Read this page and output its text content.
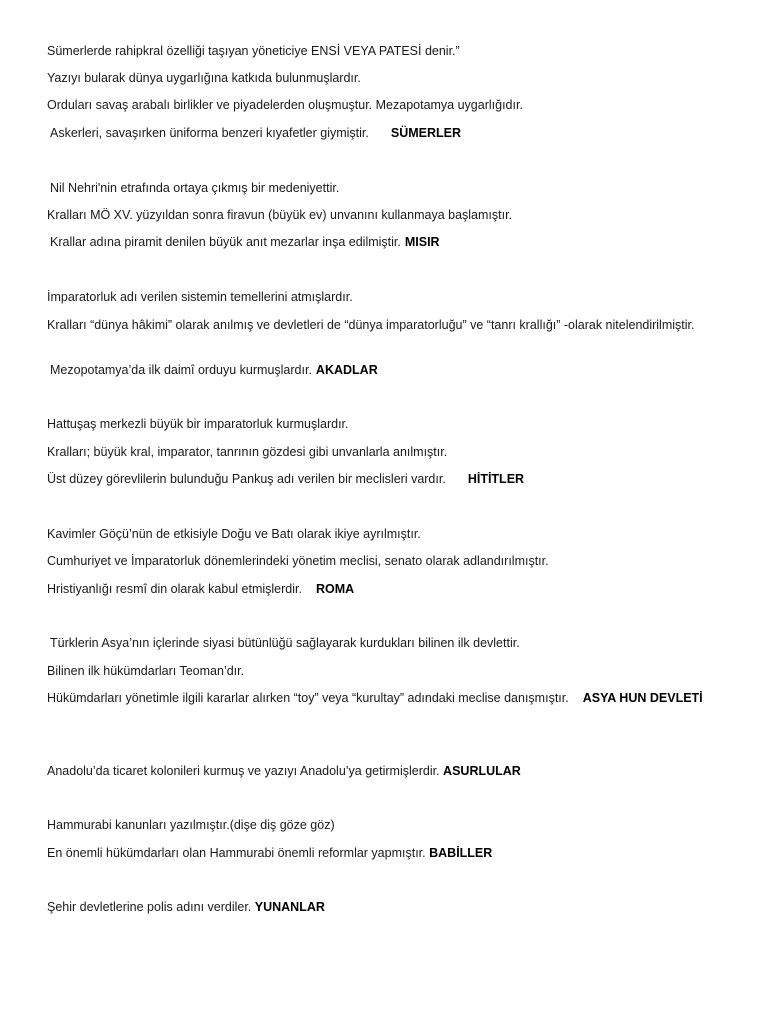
Sümerlerde rahipkral özelliği taşıyan yöneticiye ENSİ VEYA PATESİ denir.”
Yazıyı bularak dünya uygarlığına katkıda bulunmuşlardır.
Orduları savaş arabalı birlikler ve piyadelerden oluşmuştur. Mezapotamya uygarlığıdır.
Askerleri, savaşırken üniforma benzeri kıyafetler giymiştir. SÜMERLER
Nil Nehri'nin etrafında ortaya çıkmış bir medeniyettir.
Kralları MÖ XV. yüzyıldan sonra firavun (büyük ev) unvanını kullanmaya başlamıştır.
Krallar adına piramit denilen büyük anıt mezarlar inşa edilmiştir. MISIR
İmparatorluk adı verilen sistemin temellerini atmışlardır.
Kralları “dünya hâkimi” olarak anılmış ve devletleri de “dünya imparatorluğu” ve “tanrı krallığı” -olarak nitelendirilmiştir.
Mezopotamya’da ilk daimî orduyu kurmuşlardır. AKADLAR
Hattuşaş merkezli büyük bir imparatorluk kurmuşlardır.
Kralları; büyük kral, imparator, tanrının gözdesi gibi unvanlarla anılmıştır.
Üst düzey görevlilerin bulunduğu Pankuş adı verilen bir meclisleri vardır. HİTİTLER
Kavimler Göçü’nün de etkisiyle Doğu ve Batı olarak ikiye ayrılmıştır.
Cumhuriyet ve İmparatorluk dönemlerindeki yönetim meclisi, senato olarak adlandırılmıştır.
Hristiyanlığı resmî din olarak kabul etmişlerdir. ROMA
Türklerin Asya’nın içlerinde siyasi bütünlüğü sağlayarak kurdukları bilinen ilk devlettir.
Bilinen ilk hükümdarları Teoman’dır.
Hükümdarları yönetimle ilgili kararlar alırken “toy” veya “kurultay” adındaki meclise danışmıştır. ASYA HUN DEVLETİ
Anadolu’da ticaret kolonileri kurmuş ve yazıyı Anadolu’ya getirmişlerdir. ASURLULAR
Hammurabi kanunları yazılmıştır.(dişe diş göze göz)
En önemli hükümdarları olan Hammurabi önemli reformlar yapmıştır. BABİLLER
Şehir devletlerine polis adını verdiler. YUNANLAR
